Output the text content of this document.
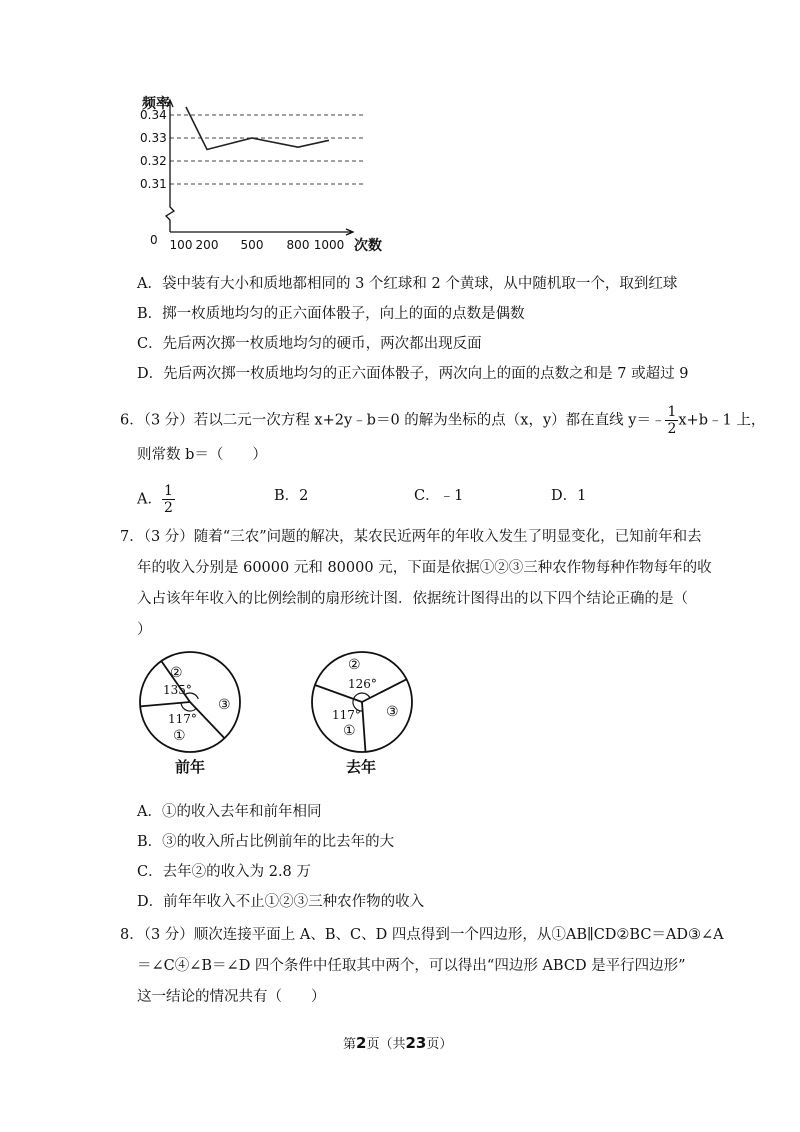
0.31
0.32
0.33
0.34
100 200 500 800 1000
频率
次数
0
A．袋中装有大小和质地都相同的 3 个红球和 2 个黄球，从中随机取一个，取到红球
B．掷一枚质地均匀的正六面体骰子，向上的面的点数是偶数
C．先后两次掷一枚质地均匀的硬币，两次都出现反面
D．先后两次掷一枚质地均匀的正六面体骰子，两次向上的面的点数之和是 7 或超过 9
6．（3 分）若以二元一次方程 x+2y﹣b＝0 的解为坐标的点（x，y）都在直线 y＝﹣ $\frac{1}{2}$ x+b﹣1 上，
则常数 b＝（　　）
A． $\frac{1}{2}$	B．2	C．﹣1	D．1
7．（3 分）随着“三农”问题的解决，某农民近两年的年收入发生了明显变化，已知前年和去
年的收入分别是 60000 元和 80000 元，下面是依据①②③三种农作物每种作物每年的收
入占该年年收入的比例绘制的扇形统计图．依据统计图得出的以下四个结论正确的是（
）
②
135°
③
117°
①
前年
②
126°
③
117°
①
去年
A．①的收入去年和前年相同
B．③的收入所占比例前年的比去年的大
C．去年②的收入为 2.8 万
D．前年年收入不止①②③三种农作物的收入
8．（3 分）顺次连接平面上 A、B、C、D 四点得到一个四边形，从①AB∥CD②BC＝AD③∠A
＝∠C④∠B＝∠D 四个条件中任取其中两个，可以得出“四边形 ABCD 是平行四边形”
这一结论的情况共有（　　）
第2页（共23页）
